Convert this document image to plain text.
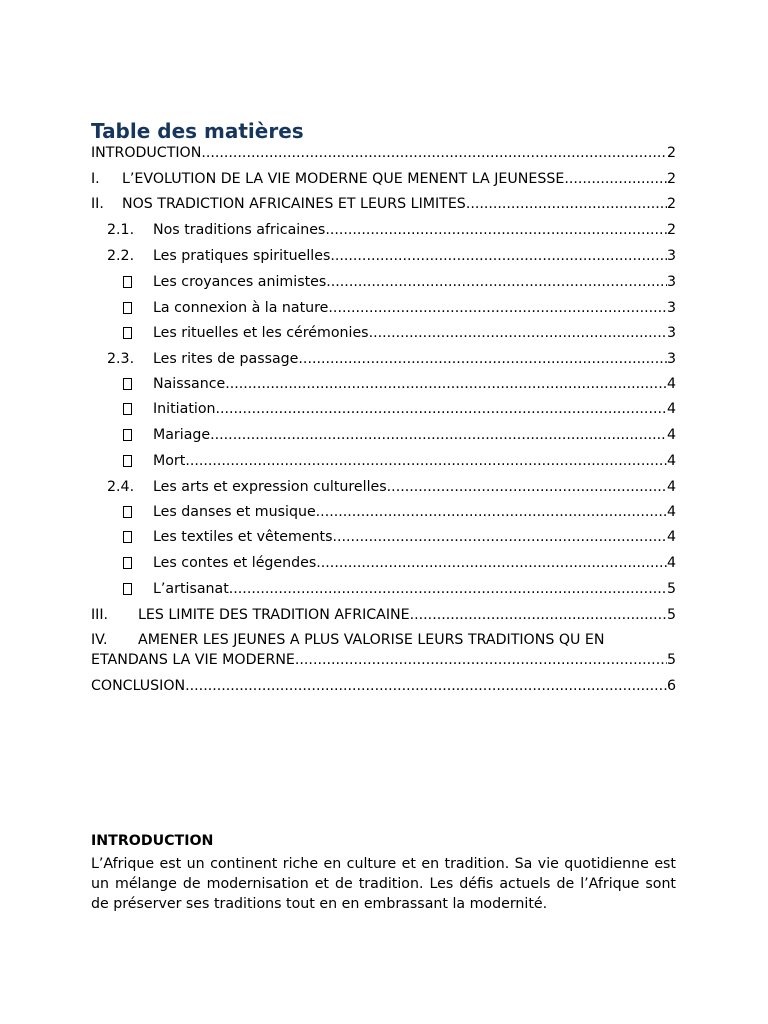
Table des matières
INTRODUCTION .....	2
I. L’EVOLUTION DE LA VIE MODERNE QUE MENENT LA JEUNESSE .....	2
II. NOS TRADICTION AFRICAINES ET LEURS LIMITES .....	2
2.1. Nos traditions africaines .....	2
2.2. Les pratiques spirituelles .....	3
Les croyances animistes .....	3
La connexion à la nature .....	3
Les rituelles et les cérémonies .....	3
2.3. Les rites de passage .....	3
Naissance .....	4
Initiation .....	4
Mariage .....	4
Mort .....	4
2.4. Les arts et expression culturelles .....	4
Les danses et musique .....	4
Les textiles et vêtements .....	4
Les contes et légendes .....	4
L’artisanat .....	5
III. LES LIMITE DES TRADITION AFRICAINE .....	5
IV. AMENER LES JEUNES A PLUS VALORISE LEURS TRADITIONS QU EN
ETANDANS LA VIE MODERNE .....	5
CONCLUSION .....	6
INTRODUCTION

L’Afrique est un continent riche en culture et en tradition. Sa vie quotidienne est un mélange de modernisation et de tradition. Les défis actuels de l’Afrique sont de préserver ses traditions tout en en embrassant la modernité.
